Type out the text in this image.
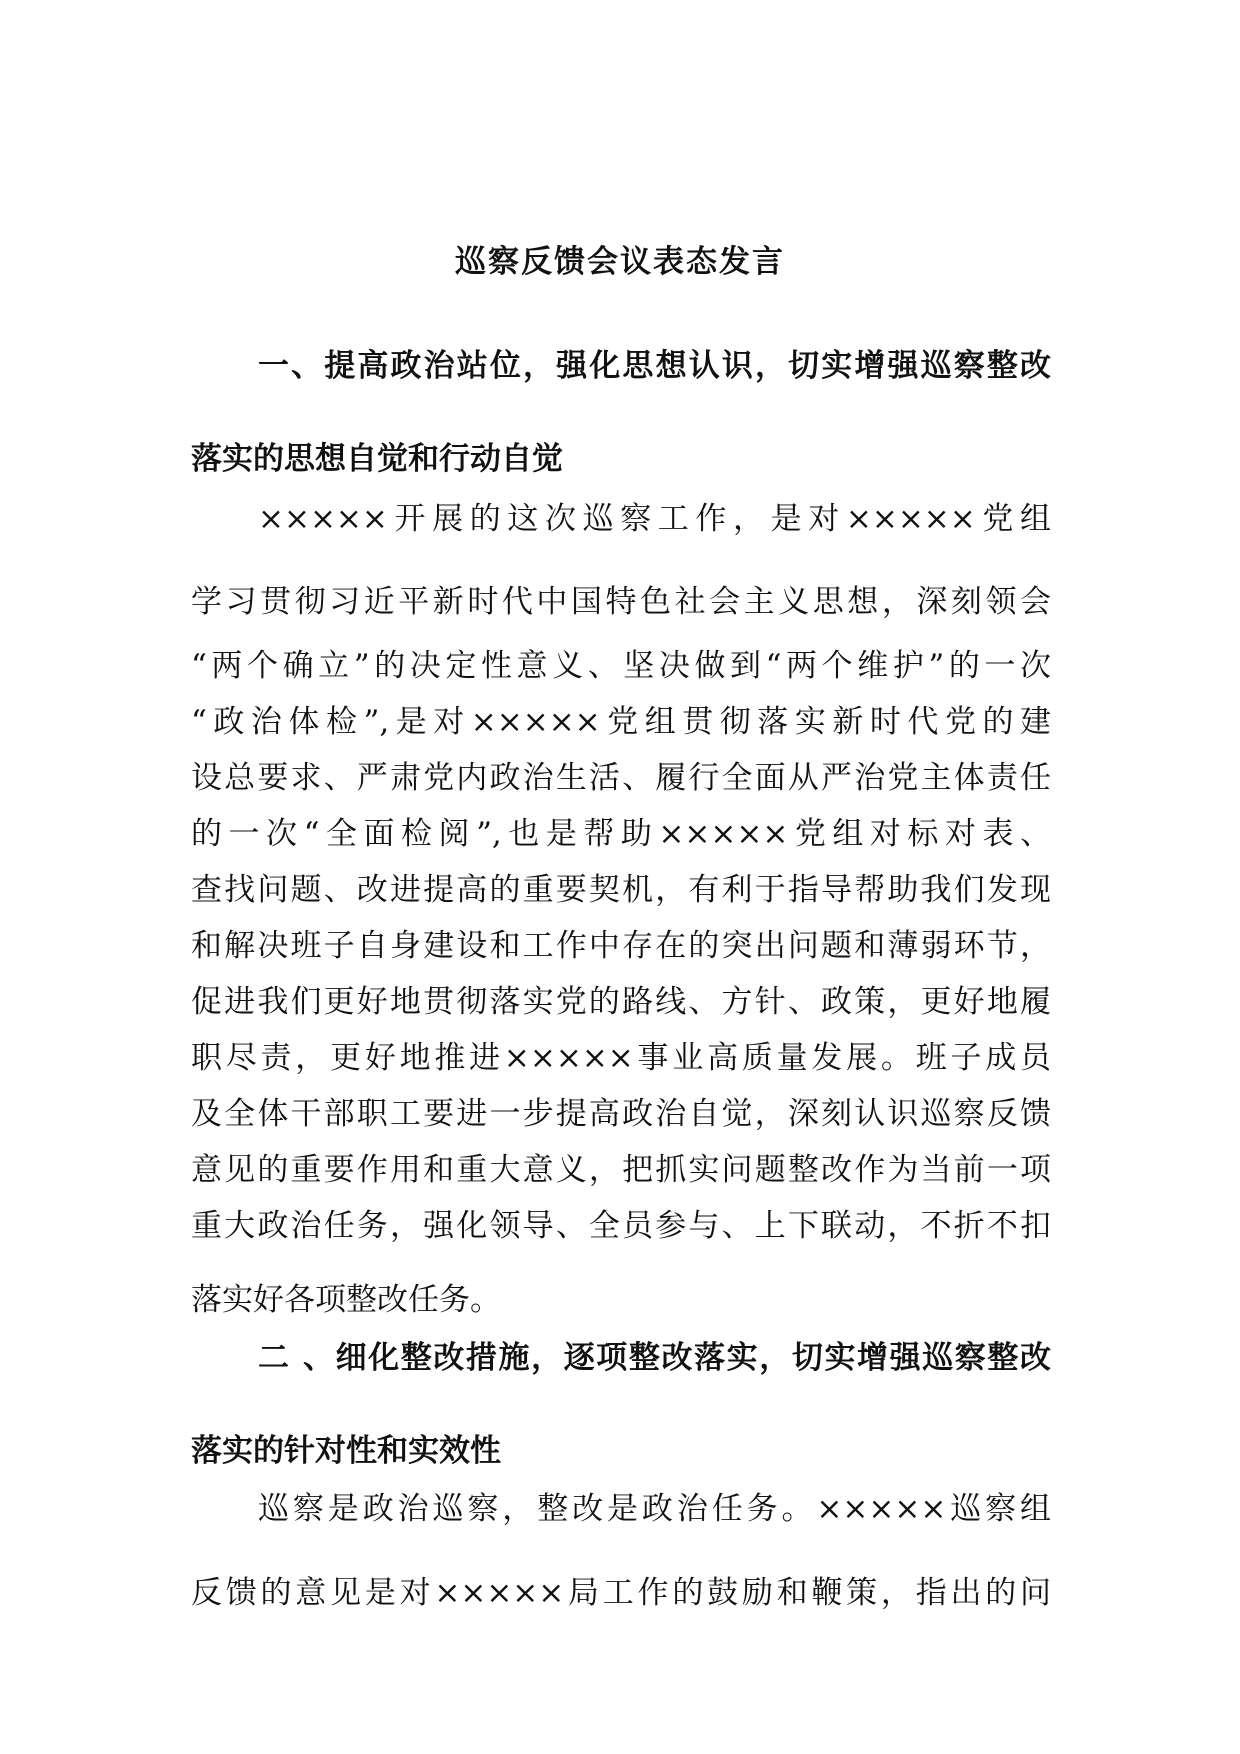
巡察反馈会议表态发言
一、提高政治站位，强化思想认识，切实增强巡察整改
落实的思想自觉和行动自觉
×××××开展的这次巡察工作，是对×××××党组
学习贯彻习近平新时代中国特色社会主义思想，深刻领会
“两个确立”的决定性意义、坚决做到“两个维护”的一次
“政治体检”,是对×××××党组贯彻落实新时代党的建
设总要求、严肃党内政治生活、履行全面从严治党主体责任
的一次“全面检阅”,也是帮助×××××党组对标对表、
查找问题、改进提高的重要契机，有利于指导帮助我们发现
和解决班子自身建设和工作中存在的突出问题和薄弱环节，
促进我们更好地贯彻落实党的路线、方针、政策，更好地履
职尽责，更好地推进×××××事业高质量发展。班子成员
及全体干部职工要进一步提高政治自觉，深刻认识巡察反馈
意见的重要作用和重大意义，把抓实问题整改作为当前一项
重大政治任务，强化领导、全员参与、上下联动，不折不扣
落实好各项整改任务。
二 、细化整改措施，逐项整改落实，切实增强巡察整改
落实的针对性和实效性
巡察是政治巡察，整改是政治任务。×××××巡察组
反馈的意见是对×××××局工作的鼓励和鞭策，指出的问
